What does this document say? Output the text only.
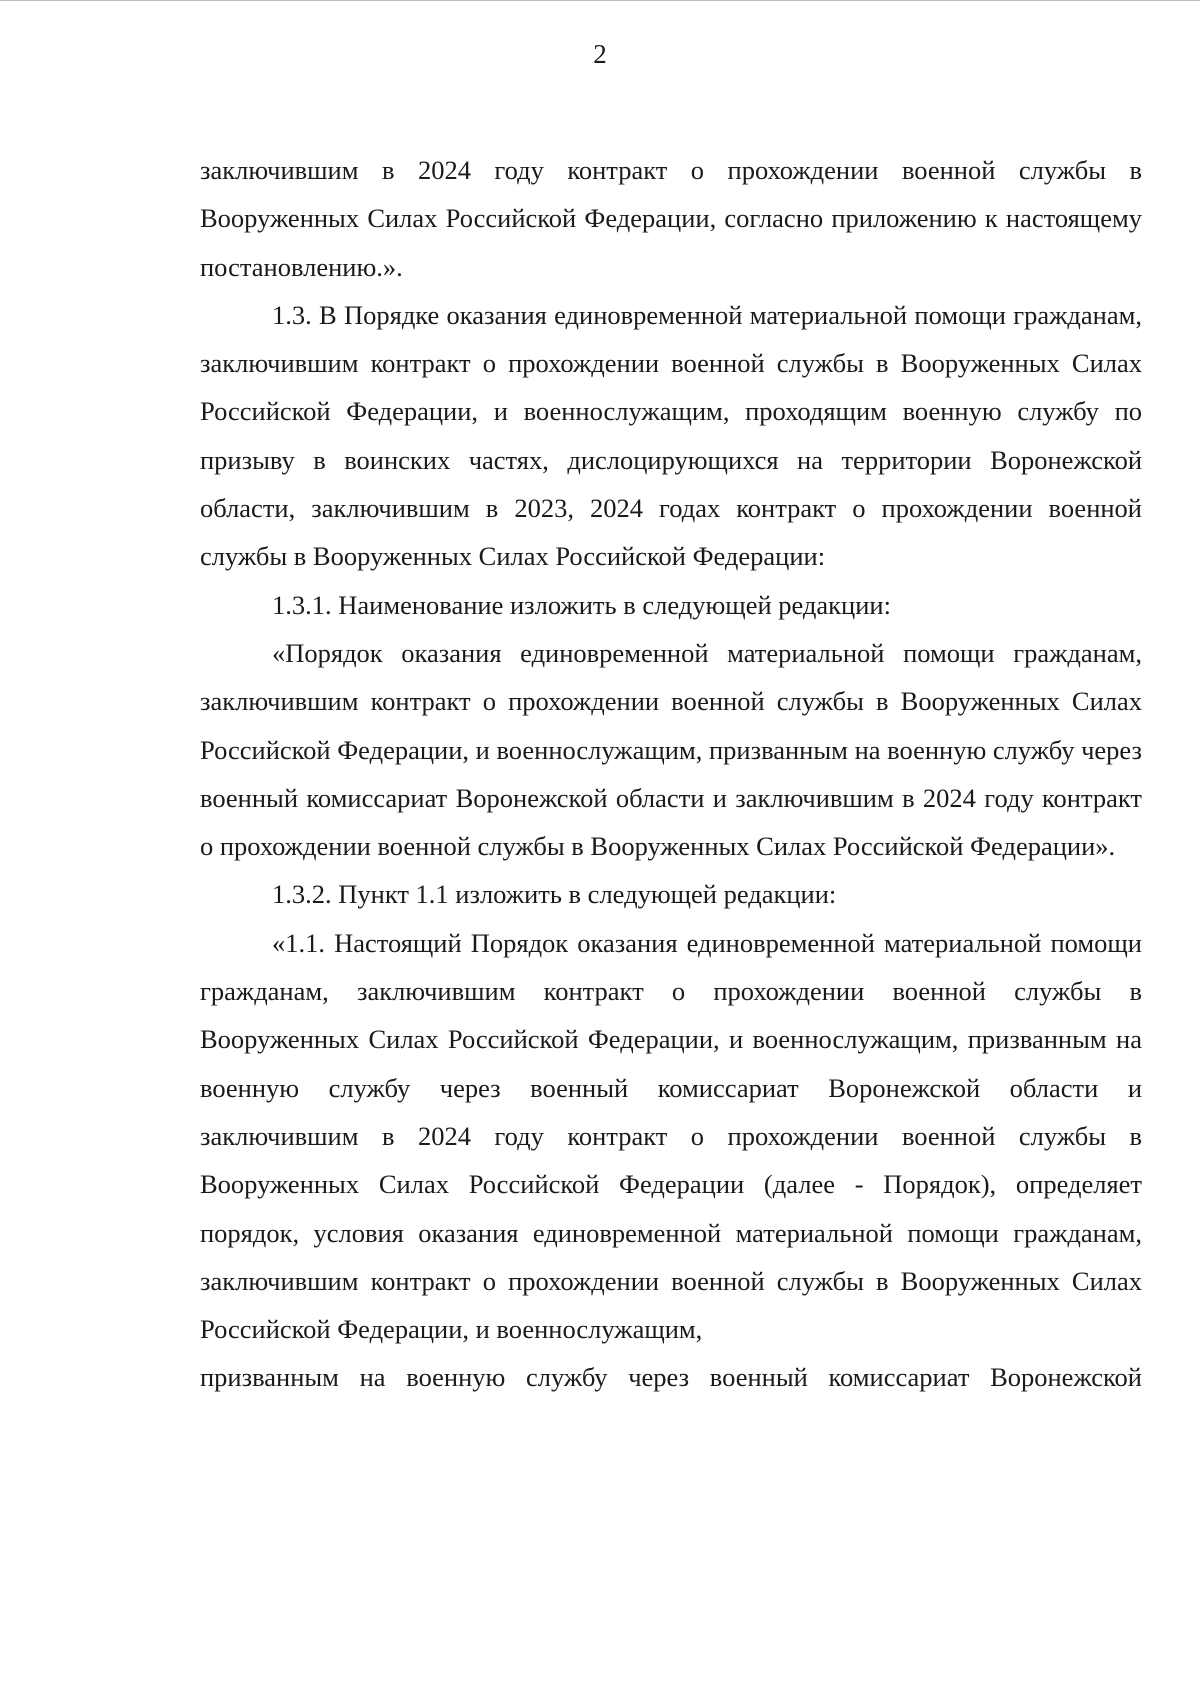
2

заключившим в 2024 году контракт о прохождении военной службы в Вооруженных Силах Российской Федерации, согласно приложению к настоящему постановлению.».

1.3. В Порядке оказания единовременной материальной помощи гражданам, заключившим контракт о прохождении военной службы в Вооруженных Силах Российской Федерации, и военнослужащим, проходящим военную службу по призыву в воинских частях, дислоцирующихся на территории Воронежской области, заключившим в 2023, 2024 годах контракт о прохождении военной службы в Вооруженных Силах Российской Федерации:

1.3.1. Наименование изложить в следующей редакции:

«Порядок оказания единовременной материальной помощи гражданам, заключившим контракт о прохождении военной службы в Вооруженных Силах Российской Федерации, и военнослужащим, призванным на военную службу через военный комиссариат Воронежской области и заключившим в 2024 году контракт о прохождении военной службы в Вооруженных Силах Российской Федерации».

1.3.2. Пункт 1.1 изложить в следующей редакции:

«1.1. Настоящий Порядок оказания единовременной материальной помощи гражданам, заключившим контракт о прохождении военной службы в Вооруженных Силах Российской Федерации, и военнослужащим, призванным на военную службу через военный комиссариат Воронежской области и заключившим в 2024 году контракт о прохождении военной службы в Вооруженных Силах Российской Федерации (далее - Порядок), определяет порядок, условия оказания единовременной материальной помощи гражданам, заключившим контракт о прохождении военной службы в Вооруженных Силах Российской Федерации, и военнослужащим,

призванным на военную службу через военный комиссариат Воронежской
